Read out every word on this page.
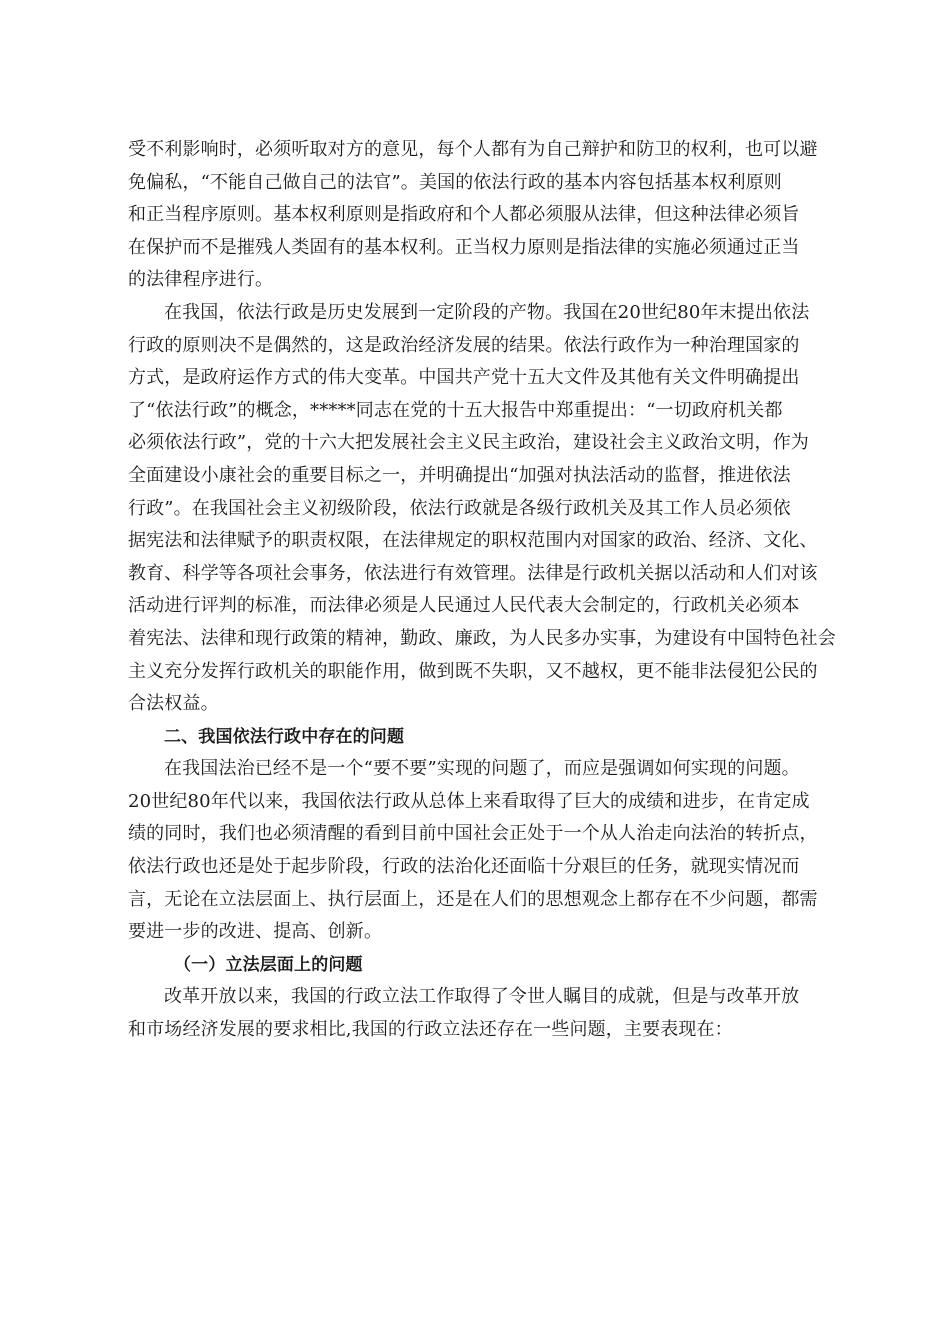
受不利影响时，必须听取对方的意见，每个人都有为自己辩护和防卫的权利，也可以避
免偏私，“不能自己做自己的法官”。美国的依法行政的基本内容包括基本权利原则
和正当程序原则。基本权利原则是指政府和个人都必须服从法律，但这种法律必须旨
在保护而不是摧残人类固有的基本权利。正当权力原则是指法律的实施必须通过正当
的法律程序进行。
在我国，依法行政是历史发展到一定阶段的产物。我国在20世纪80年末提出依法
行政的原则决不是偶然的，这是政治经济发展的结果。依法行政作为一种治理国家的
方式，是政府运作方式的伟大变革。中国共产党十五大文件及其他有关文件明确提出
了“依法行政”的概念，*****同志在党的十五大报告中郑重提出：“一切政府机关都
必须依法行政”，党的十六大把发展社会主义民主政治，建设社会主义政治文明，作为
全面建设小康社会的重要目标之一，并明确提出“加强对执法活动的监督，推进依法
行政”。在我国社会主义初级阶段，依法行政就是各级行政机关及其工作人员必须依
据宪法和法律赋予的职责权限，在法律规定的职权范围内对国家的政治、经济、文化、
教育、科学等各项社会事务，依法进行有效管理。法律是行政机关据以活动和人们对该
活动进行评判的标准，而法律必须是人民通过人民代表大会制定的，行政机关必须本
着宪法、法律和现行政策的精神，勤政、廉政，为人民多办实事，为建设有中国特色社会
主义充分发挥行政机关的职能作用，做到既不失职，又不越权，更不能非法侵犯公民的
合法权益。
二、我国依法行政中存在的问题
在我国法治已经不是一个“要不要”实现的问题了，而应是强调如何实现的问题。
20世纪80年代以来，我国依法行政从总体上来看取得了巨大的成绩和进步，在肯定成
绩的同时，我们也必须清醒的看到目前中国社会正处于一个从人治走向法治的转折点，
依法行政也还是处于起步阶段，行政的法治化还面临十分艰巨的任务，就现实情况而
言，无论在立法层面上、执行层面上，还是在人们的思想观念上都存在不少问题，都需
要进一步的改进、提高、创新。
（一）立法层面上的问题
改革开放以来，我国的行政立法工作取得了令世人瞩目的成就，但是与改革开放
和市场经济发展的要求相比,我国的行政立法还存在一些问题，主要表现在：
